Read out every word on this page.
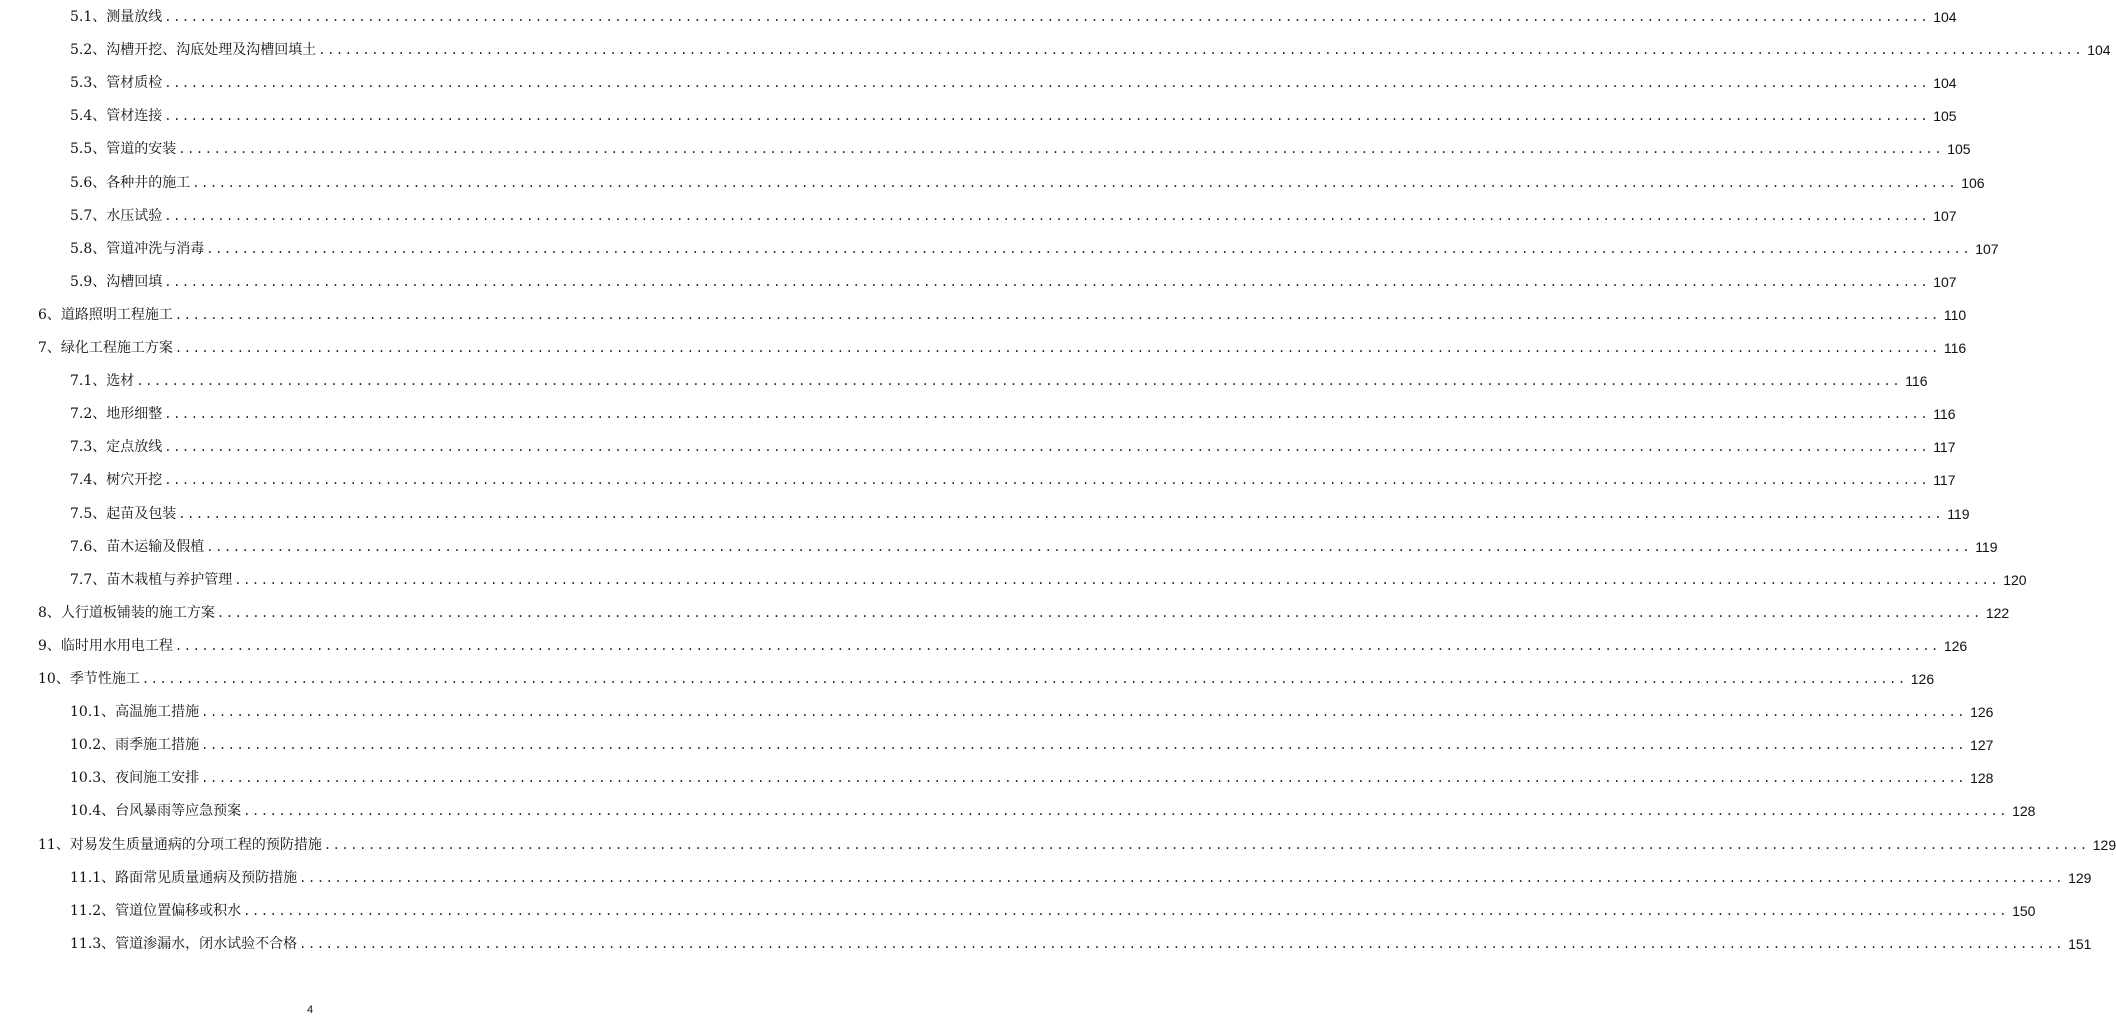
5.1、测量放线 ........................................................................................................................................................................................................ 104
5.2、沟槽开挖、沟底处理及沟槽回填土 ........................................................................................................................................................................................................ 104
5.3、管材质检 ........................................................................................................................................................................................................ 104
5.4、管材连接 ........................................................................................................................................................................................................ 105
5.5、管道的安装 ........................................................................................................................................................................................................ 105
5.6、各种井的施工 ........................................................................................................................................................................................................ 106
5.7、水压试验 ........................................................................................................................................................................................................ 107
5.8、管道冲洗与消毒 ........................................................................................................................................................................................................ 107
5.9、沟槽回填 ........................................................................................................................................................................................................ 107
6、道路照明工程施工 ........................................................................................................................................................................................................ 110
7、绿化工程施工方案 ........................................................................................................................................................................................................ 116
7.1、选材 ........................................................................................................................................................................................................ 116
7.2、地形细整 ........................................................................................................................................................................................................ 116
7.3、定点放线 ........................................................................................................................................................................................................ 117
7.4、树穴开挖 ........................................................................................................................................................................................................ 117
7.5、起苗及包装 ........................................................................................................................................................................................................ 119
7.6、苗木运输及假植 ........................................................................................................................................................................................................ 119
7.7、苗木栽植与养护管理 ........................................................................................................................................................................................................ 120
8、人行道板铺装的施工方案 ........................................................................................................................................................................................................ 122
9、临时用水用电工程 ........................................................................................................................................................................................................ 126
10、季节性施工 ........................................................................................................................................................................................................ 126
10.1、高温施工措施 ........................................................................................................................................................................................................ 126
10.2、雨季施工措施 ........................................................................................................................................................................................................ 127
10.3、夜间施工安排 ........................................................................................................................................................................................................ 128
10.4、台风暴雨等应急预案 ........................................................................................................................................................................................................ 128
11、对易发生质量通病的分项工程的预防措施 ........................................................................................................................................................................................................ 129
11.1、路面常见质量通病及预防措施 ........................................................................................................................................................................................................ 129
11.2、管道位置偏移或积水 ........................................................................................................................................................................................................ 150
11.3、管道渗漏水，闭水试验不合格 ........................................................................................................................................................................................................ 151
4
